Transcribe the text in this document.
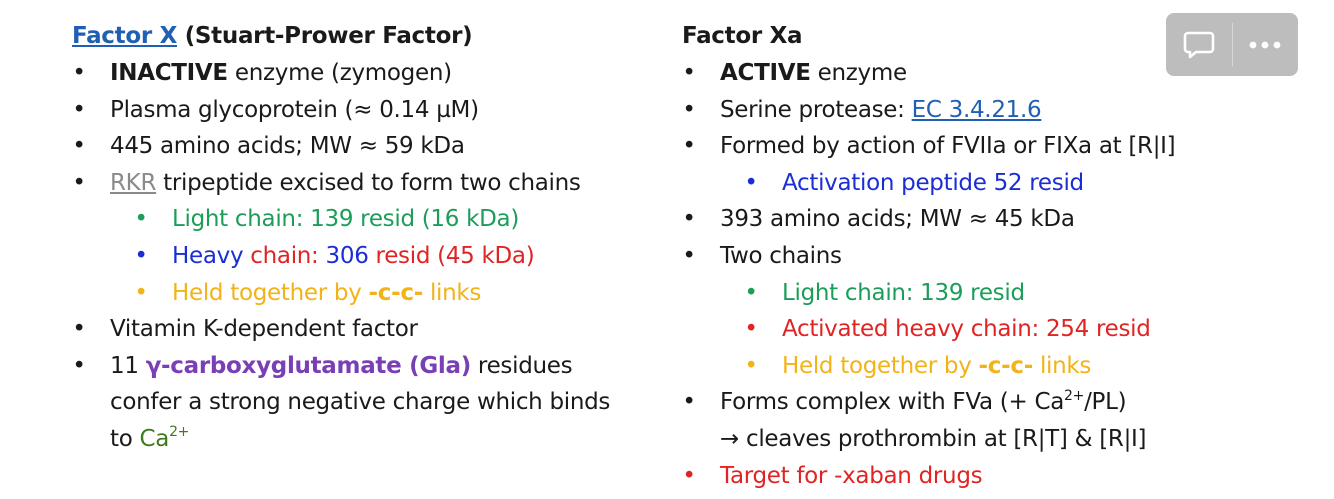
Factor X (Stuart-Prower Factor)
• INACTIVE enzyme (zymogen)
• Plasma glycoprotein (≈ 0.14 µM)
• 445 amino acids; MW ≈ 59 kDa
• RKR tripeptide excised to form two chains
• Light chain: 139 resid (16 kDa)
• Heavy chain: 306 resid (45 kDa)
• Held together by -c-c- links
• Vitamin K-dependent factor
• 11 γ-carboxyglutamate (Gla) residues
confer a strong negative charge which binds
to $Ca^{2+}$
Factor Xa
• ACTIVE enzyme
• Serine protease: EC 3.4.21.6
• Formed by action of FVIIa or FIXa at [R|I]
• Activation peptide 52 resid
• 393 amino acids; MW ≈ 45 kDa
• Two chains
• Light chain: 139 resid
• Activated heavy chain: 254 resid
• Held together by -c-c- links
• Forms complex with FVa (+ $Ca^{2+}/PL$)
→ cleaves prothrombin at [R|T] & [R|I]
• Target for -xaban drugs
